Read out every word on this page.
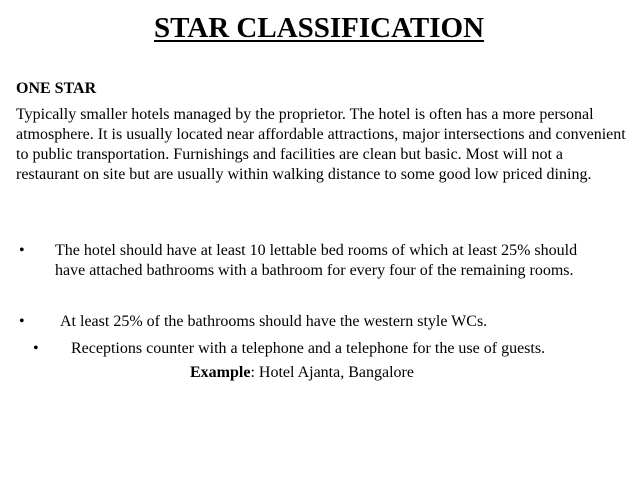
STAR CLASSIFICATION
ONE STAR
Typically smaller hotels managed by the proprietor. The hotel is often has a more personal atmosphere. It is usually located near affordable attractions, major intersections and convenient to public transportation. Furnishings and facilities are clean but basic. Most will not a restaurant on site but are usually within walking distance to some good low priced dining.
• The hotel should have at least 10 lettable bed rooms of which at least 25% should have attached bathrooms with a bathroom for every four of the remaining rooms.
• At least 25% of the bathrooms should have the western style WCs.
• Receptions counter with a telephone and a telephone for the use of guests.
Example: Hotel Ajanta, Bangalore
